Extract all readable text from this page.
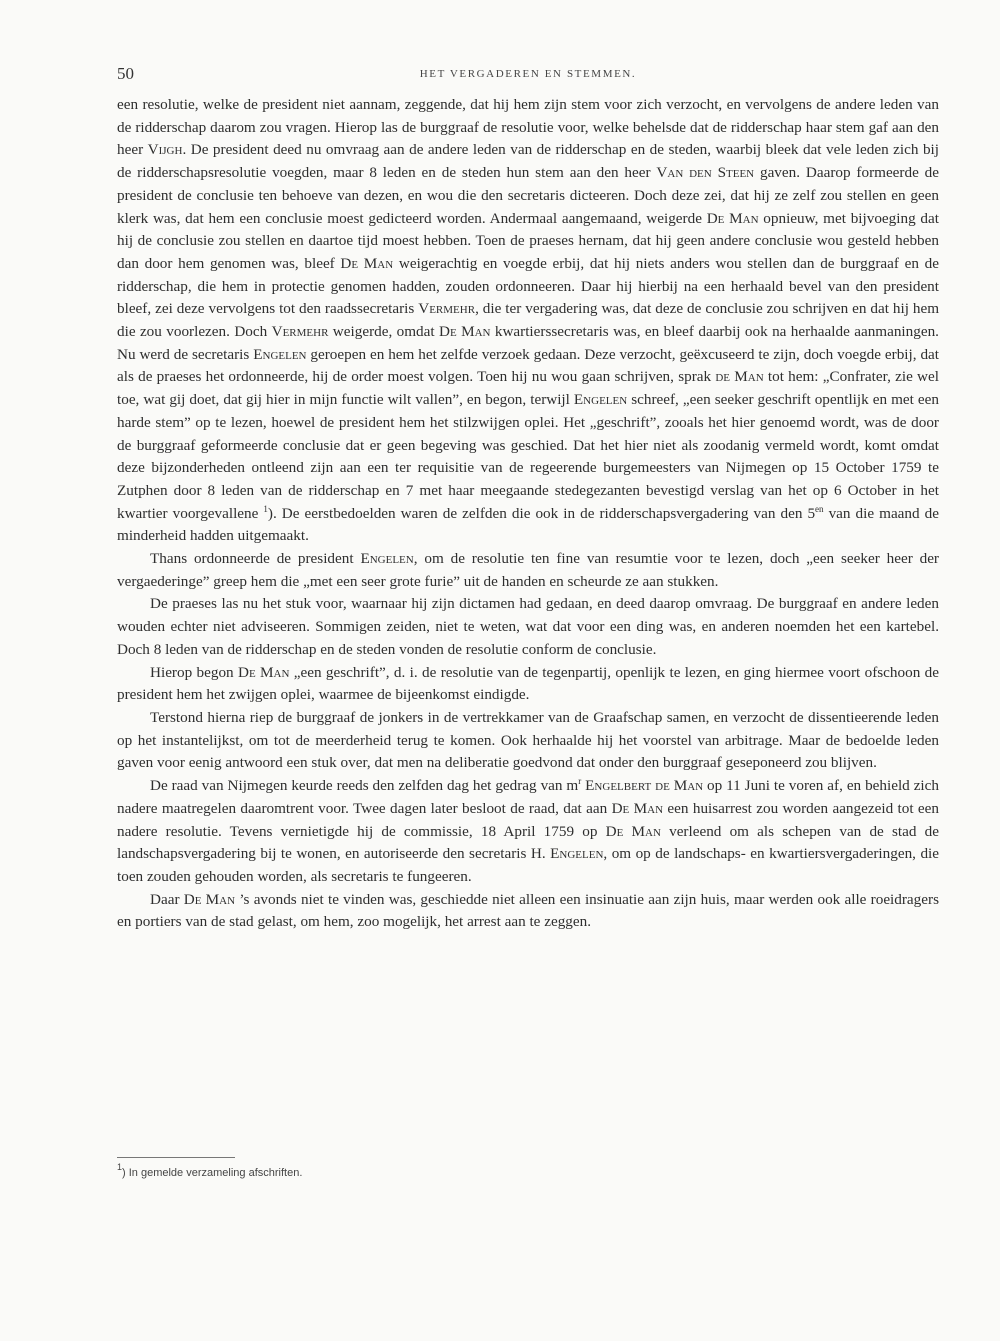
50	HET VERGADEREN EN STEMMEN.

een resolutie, welke de president niet aannam, zeggende, dat hij hem zijn stem voor zich verzocht, en vervolgens de andere leden van de ridderschap daarom zou vragen. Hierop las de burggraaf de resolutie voor, welke behelsde dat de ridderschap haar stem gaf aan den heer Vijgh. De president deed nu omvraag aan de andere leden van de ridderschap en de steden, waarbij bleek dat vele leden zich bij de ridderschapsresolutie voegden, maar 8 leden en de steden hun stem aan den heer Van den Steen gaven. Daarop formeerde de president de conclusie ten behoeve van dezen, en wou die den secretaris dicteeren. Doch deze zei, dat hij ze zelf zou stellen en geen klerk was, dat hem een conclusie moest gedicteerd worden. Andermaal aangemaand, weigerde De Man opnieuw, met bijvoeging dat hij de conclusie zou stellen en daartoe tijd moest hebben. Toen de praeses hernam, dat hij geen andere conclusie wou gesteld hebben dan door hem genomen was, bleef De Man weigerachtig en voegde erbij, dat hij niets anders wou stellen dan de burggraaf en de ridderschap, die hem in protectie genomen hadden, zouden ordonneeren. Daar hij hierbij na een herhaald bevel van den president bleef, zei deze vervolgens tot den raadssecretaris Vermehr, die ter vergadering was, dat deze de conclusie zou schrijven en dat hij hem die zou voorlezen. Doch Vermehr weigerde, omdat De Man kwartierssecretaris was, en bleef daarbij ook na herhaalde aanmaningen. Nu werd de secretaris Engelen geroepen en hem het zelfde verzoek gedaan. Deze verzocht, geëxcuseerd te zijn, doch voegde erbij, dat als de praeses het ordonneerde, hij de order moest volgen. Toen hij nu wou gaan schrijven, sprak de Man tot hem: „Confrater, zie wel toe, wat gij doet, dat gij hier in mijn functie wilt vallen”, en begon, terwijl Engelen schreef, „een seeker geschrift opentlijk en met een harde stem” op te lezen, hoewel de president hem het stilzwijgen oplei. Het „geschrift”, zooals het hier genoemd wordt, was de door de burggraaf geformeerde conclusie dat er geen begeving was geschied. Dat het hier niet als zoodanig vermeld wordt, komt omdat deze bijzonderheden ontleend zijn aan een ter requisitie van de regeerende burgemeesters van Nijmegen op 15 October 1759 te Zutphen door 8 leden van de ridderschap en 7 met haar meegaande stedegezanten bevestigd verslag van het op 6 October in het kwartier voorgevallene $^1$). De eerstbedoelden waren de zelfden die ook in de ridderschapsvergadering van den $5^{en}$ van die maand de minderheid hadden uitgemaakt.

Thans ordonneerde de president Engelen, om de resolutie ten fine van resumtie voor te lezen, doch „een seeker heer der vergaederinge” greep hem die „met een seer grote furie” uit de handen en scheurde ze aan stukken.

De praeses las nu het stuk voor, waarnaar hij zijn dictamen had gedaan, en deed daarop omvraag. De burggraaf en andere leden wouden echter niet adviseeren. Sommigen zeiden, niet te weten, wat dat voor een ding was, en anderen noemden het een kartebel. Doch 8 leden van de ridderschap en de steden vonden de resolutie conform de conclusie.

Hierop begon De Man „een geschrift”, d. i. de resolutie van de tegenpartij, openlijk te lezen, en ging hiermee voort ofschoon de president hem het zwijgen oplei, waarmee de bijeenkomst eindigde.

Terstond hierna riep de burggraaf de jonkers in de vertrekkamer van de Graafschap samen, en verzocht de dissentieerende leden op het instantelijkst, om tot de meerderheid terug te komen. Ook herhaalde hij het voorstel van arbitrage. Maar de bedoelde leden gaven voor eenig antwoord een stuk over, dat men na deliberatie goedvond dat onder den burggraaf geseponeerd zou blijven.

De raad van Nijmegen keurde reeds den zelfden dag het gedrag van $m^r$ Engelbert de Man op 11 Juni te voren af, en behield zich nadere maatregelen daaromtrent voor. Twee dagen later besloot de raad, dat aan De Man een huisarrest zou worden aangezeid tot een nadere resolutie. Tevens vernietigde hij de commissie, 18 April 1759 op De Man verleend om als schepen van de stad de landschapsvergadering bij te wonen, en autoriseerde den secretaris H. Engelen, om op de landschaps- en kwartiersvergaderingen, die toen zouden gehouden worden, als secretaris te fungeeren.

Daar De Man ’s avonds niet te vinden was, geschiedde niet alleen een insinuatie aan zijn huis, maar werden ook alle roeidragers en portiers van de stad gelast, om hem, zoo mogelijk, het arrest aan te zeggen.

$^1$) In gemelde verzameling afschriften.
